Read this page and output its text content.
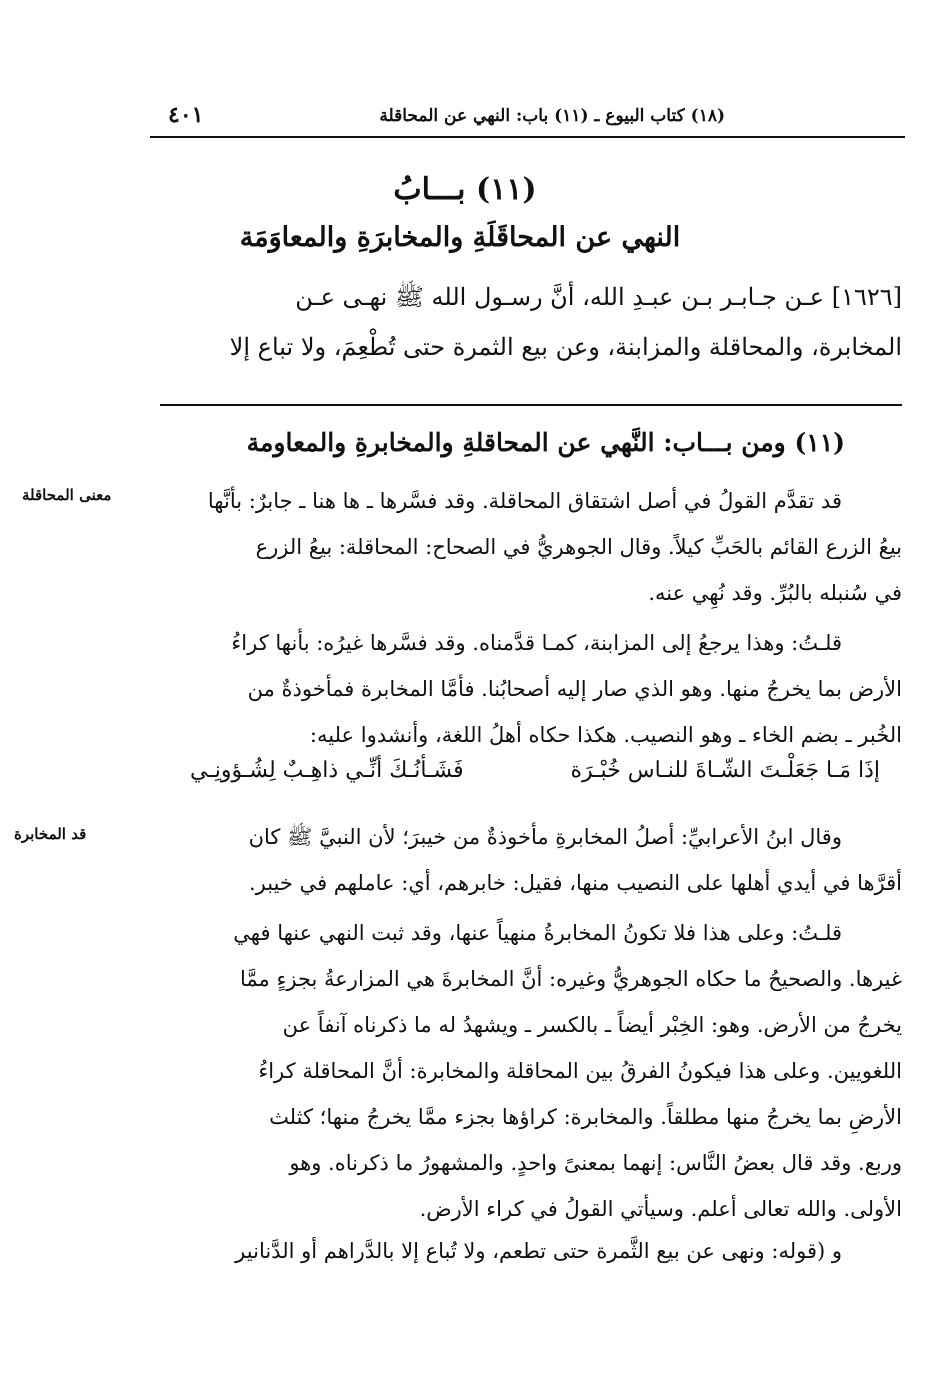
(١٨) كتاب البيوع ـ (١١) باب: النهي عن المحاقلة
٤٠١
(١١) بـــابُ
النهي عن المحاقَلَةِ والمخابرَةِ والمعاوَمَة
[١٦٢٦] عـن جـابـر بـن عبـدِ الله، أنَّ رسـول الله ﷺ نهـى عـن
المخابرة، والمحاقلة والمزابنة، وعن بيع الثمرة حتى تُطْعِمَ، ولا تباع إلا
(١١) ومن بـــاب: النَّهي عن المحاقلةِ والمخابرةِ والمعاومة
معنى المحاقلة
قد المخابرة
قد تقدَّم القولُ في أصل اشتقاق المحاقلة. وقد فسَّرها ـ ها هنا ـ جابرٌ: بأنَّها
بيعُ الزرع القائم بالحَبِّ كيلاً. وقال الجوهريُّ في الصحاح: المحاقلة: بيعُ الزرع
في سُنبله بالبُرِّ. وقد نُهِي عنه.
قلـتُ: وهذا يرجعُ إلى المزابنة، كمـا قدَّمناه. وقد فسَّرها غيرُه: بأنها كراءُ
الأرض بما يخرجُ منها. وهو الذي صار إليه أصحابُنا. فأمَّا المخابرة فمأخوذةٌ من
الخُبر ـ بضم الخاء ـ وهو النصيب. هكذا حكاه أهلُ اللغة، وأنشدوا عليه:
إذَا مَـا جَعَلْـتَ الشّـاةَ للنـاس خُبْـرَة
فَشَـأنُـكَ أنِّـي ذاهِـبٌ لِشُـؤونِـي
وقال ابنُ الأعرابيِّ: أصلُ المخابرةِ مأخوذةٌ من خيبرَ؛ لأن النبيَّ ﷺ كان
أقرَّها في أيدي أهلها على النصيب منها، فقيل: خابرهم، أي: عاملهم في خيبر.
قلـتُ: وعلى هذا فلا تكونُ المخابرةُ منهياً عنها، وقد ثبت النهي عنها فهي
غيرها. والصحيحُ ما حكاه الجوهريُّ وغيره: أنَّ المخابرةَ هي المزارعةُ بجزءٍ ممَّا
يخرجُ من الأرض. وهو: الخِبْر أيضاً ـ بالكسر ـ ويشهدُ له ما ذكرناه آنفاً عن
اللغويين. وعلى هذا فيكونُ الفرقُ بين المحاقلة والمخابرة: أنَّ المحاقلة كراءُ
الأرضِ بما يخرجُ منها مطلقاً. والمخابرة: كراؤها بجزء ممَّا يخرجُ منها؛ كثلث
وربع. وقد قال بعضُ النَّاس: إنهما بمعنىً واحدٍ. والمشهورُ ما ذكرناه. وهو
الأولى. والله تعالى أعلم. وسيأتي القولُ في كراء الأرض.
و (قوله: ونهى عن بيع الثَّمرة حتى تطعم، ولا تُباع إلا بالدَّراهم أو الدَّنانير
